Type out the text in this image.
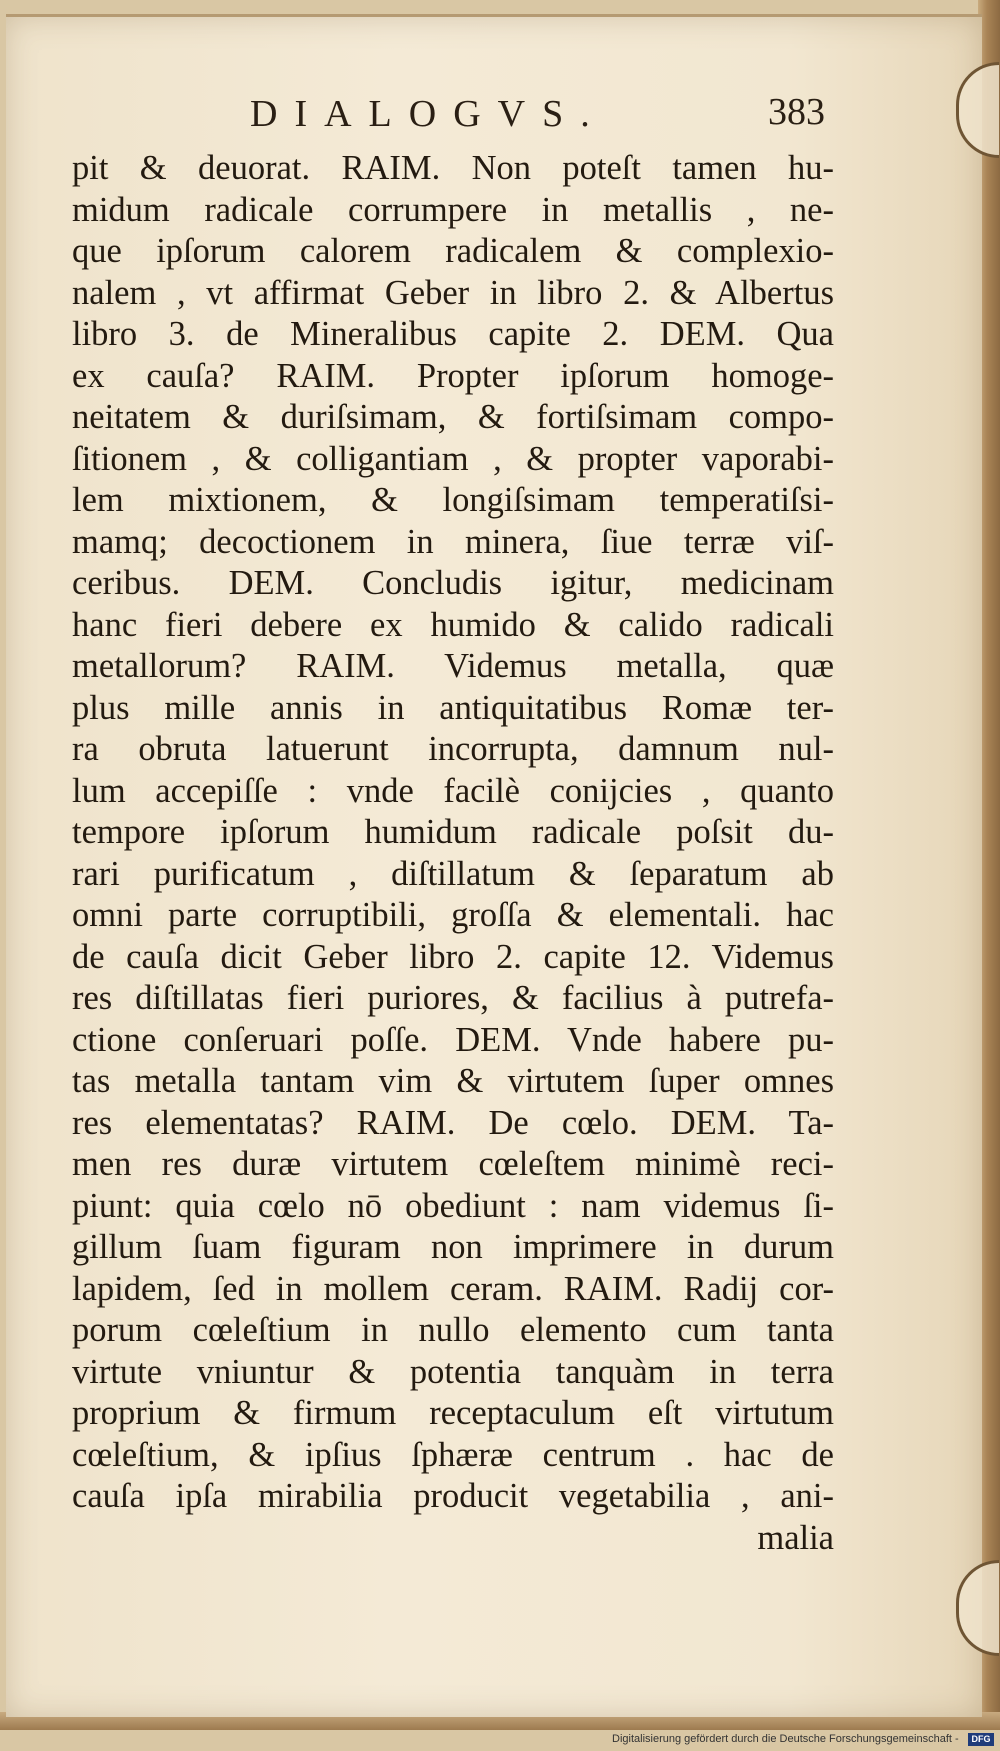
DIALOGVS.	383
pit & deuorat. RAIM. Non poteſt tamen hu-
midum radicale corrumpere in metallis , ne-
que ipſorum calorem radicalem & complexio-
nalem , vt affirmat Geber in libro 2. & Albertus
libro 3. de Mineralibus capite 2. DEM. Qua
ex cauſa? RAIM. Propter ipſorum homoge-
neitatem & duriſsimam, & fortiſsimam compo-
ſitionem , & colligantiam , & propter vaporabi-
lem mixtionem, & longiſsimam temperatiſsi-
mamq; decoctionem in minera, ſiue terræ viſ-
ceribus. DEM. Concludis igitur, medicinam
hanc fieri debere ex humido & calido radicali
metallorum? RAIM. Videmus metalla, quæ
plus mille annis in antiquitatibus Romæ ter-
ra obruta latuerunt incorrupta, damnum nul-
lum accepiſſe : vnde facilè conijcies , quanto
tempore ipſorum humidum radicale poſsit du-
rari purificatum , diſtillatum & ſeparatum ab
omni parte corruptibili, groſſa & elementali. hac
de cauſa dicit Geber libro 2. capite 12. Videmus
res diſtillatas fieri puriores, & facilius à putrefa-
ctione conſeruari poſſe. DEM. Vnde habere pu-
tas metalla tantam vim & virtutem ſuper omnes
res elementatas? RAIM. De cœlo. DEM. Ta-
men res duræ virtutem cœleſtem minimè reci-
piunt: quia cœlo nō obediunt : nam videmus ſi-
gillum ſuam figuram non imprimere in durum
lapidem, ſed in mollem ceram. RAIM. Radij cor-
porum cœleſtium in nullo elemento cum tanta
virtute vniuntur & potentia tanquàm in terra
proprium & firmum receptaculum eſt virtutum
cœleſtium, & ipſius ſphæræ centrum . hac de
cauſa ipſa mirabilia producit vegetabilia , ani-
malia
Digitalisierung gefördert durch die Deutsche Forschungsgemeinschaft -	DFG
